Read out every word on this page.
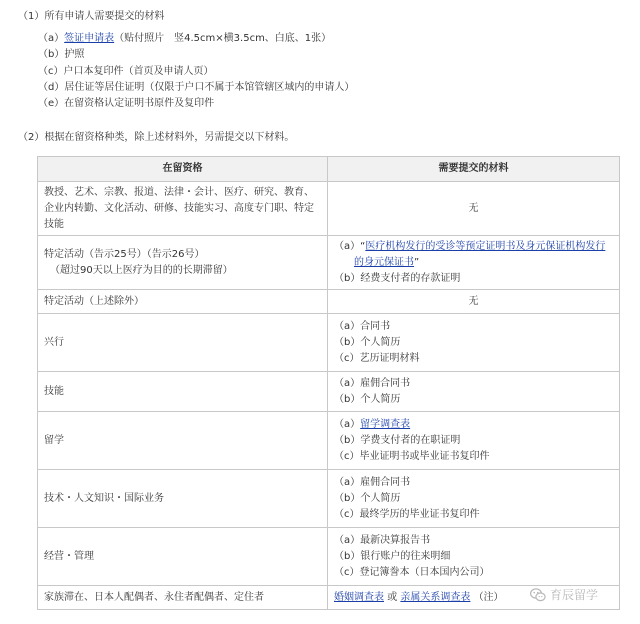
（1）所有申请人需要提交的材料
（a）签证申请表（贴付照片　竖4.5cm×横3.5cm、白底、1张）
（b）护照
（c）户口本复印件（首页及申请人页）
（d）居住证等居住证明（仅限于户口不属于本馆管辖区域内的申请人）
（e）在留资格认定证明书原件及复印件
（2）根据在留资格种类，除上述材料外，另需提交以下材料。
在留资格	需要提交的材料
教授、艺术、宗教、报道、法律・会计、医疗、研究、教育、企业内转勤、文化活动、研修、技能实习、高度专门职、特定技能	无

特定活动（告示25号）（告示26号）
（超过90天以上医疗为目的的长期滞留）	（a）“医疗机构发行的受诊等预定证明书及身元保证机构发行的身元保证书”
（b）经费支付者的存款证明

特定活动（上述除外）	无
兴行	（a）合同书
（b）个人简历
（c）艺历证明材料

技能	（a）雇佣合同书
（b）个人简历

留学	（a）留学调查表
（b）学费支付者的在职证明
（c）毕业证明书或毕业证书复印件

技术・人文知识・国际业务	（a）雇佣合同书
（b）个人简历
（c）最终学历的毕业证书复印件

经营・管理	（a）最新决算报告书
（b）银行账户的往来明细
（c）登记簿誊本（日本国内公司）

家族滞在、日本人配偶者、永住者配偶者、定住者	婚姻调查表 或 亲属关系调查表 （注）	育辰留学
